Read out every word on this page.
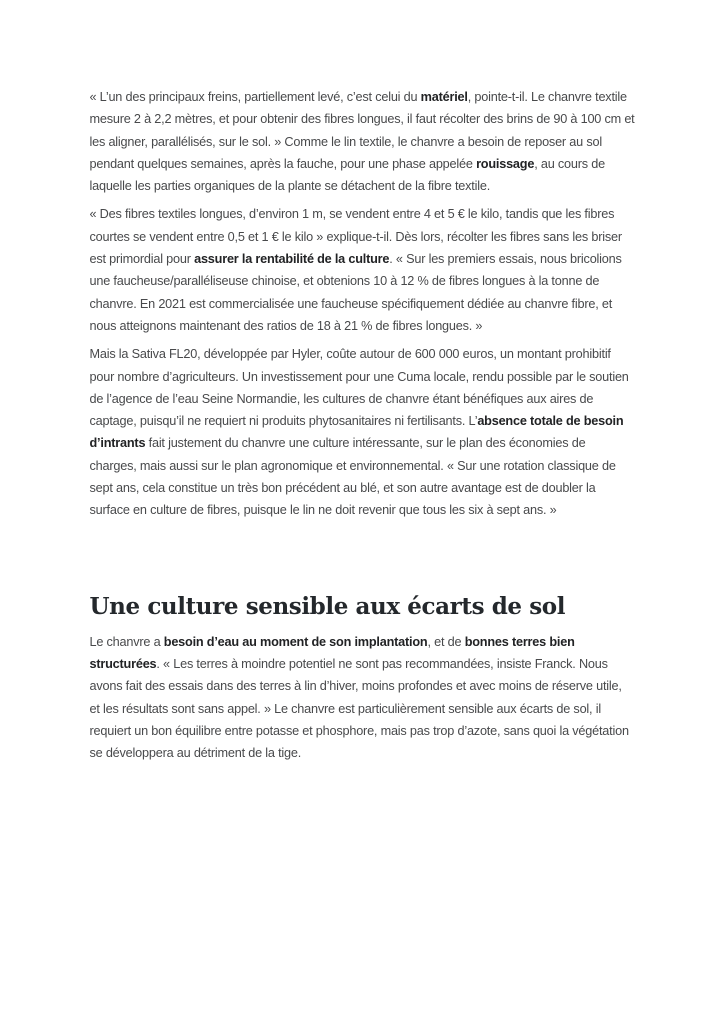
« L’un des principaux freins, partiellement levé, c’est celui du matériel, pointe-t-il. Le chanvre textile mesure 2 à 2,2 mètres, et pour obtenir des fibres longues, il faut récolter des brins de 90 à 100 cm et les aligner, parallélisés, sur le sol. » Comme le lin textile, le chanvre a besoin de reposer au sol pendant quelques semaines, après la fauche, pour une phase appelée rouissage, au cours de laquelle les parties organiques de la plante se détachent de la fibre textile.

« Des fibres textiles longues, d’environ 1 m, se vendent entre 4 et 5 € le kilo, tandis que les fibres courtes se vendent entre 0,5 et 1 € le kilo » explique-t-il. Dès lors, récolter les fibres sans les briser est primordial pour assurer la rentabilité de la culture. « Sur les premiers essais, nous bricolions une faucheuse/paralléliseuse chinoise, et obtenions 10 à 12 % de fibres longues à la tonne de chanvre. En 2021 est commercialisée une faucheuse spécifiquement dédiée au chanvre fibre, et nous atteignons maintenant des ratios de 18 à 21 % de fibres longues. »

Mais la Sativa FL20, développée par Hyler, coûte autour de 600 000 euros, un montant prohibitif pour nombre d’agriculteurs. Un investissement pour une Cuma locale, rendu possible par le soutien de l’agence de l’eau Seine Normandie, les cultures de chanvre étant bénéfiques aux aires de captage, puisqu’il ne requiert ni produits phytosanitaires ni fertilisants. L’absence totale de besoin d’intrants fait justement du chanvre une culture intéressante, sur le plan des économies de charges, mais aussi sur le plan agronomique et environnemental. « Sur une rotation classique de sept ans, cela constitue un très bon précédent au blé, et son autre avantage est de doubler la surface en culture de fibres, puisque le lin ne doit revenir que tous les six à sept ans. »

Une culture sensible aux écarts de sol

Le chanvre a besoin d’eau au moment de son implantation, et de bonnes terres bien structurées. « Les terres à moindre potentiel ne sont pas recommandées, insiste Franck. Nous avons fait des essais dans des terres à lin d’hiver, moins profondes et avec moins de réserve utile, et les résultats sont sans appel. » Le chanvre est particulièrement sensible aux écarts de sol, il requiert un bon équilibre entre potasse et phosphore, mais pas trop d’azote, sans quoi la végétation se développera au détriment de la tige.
